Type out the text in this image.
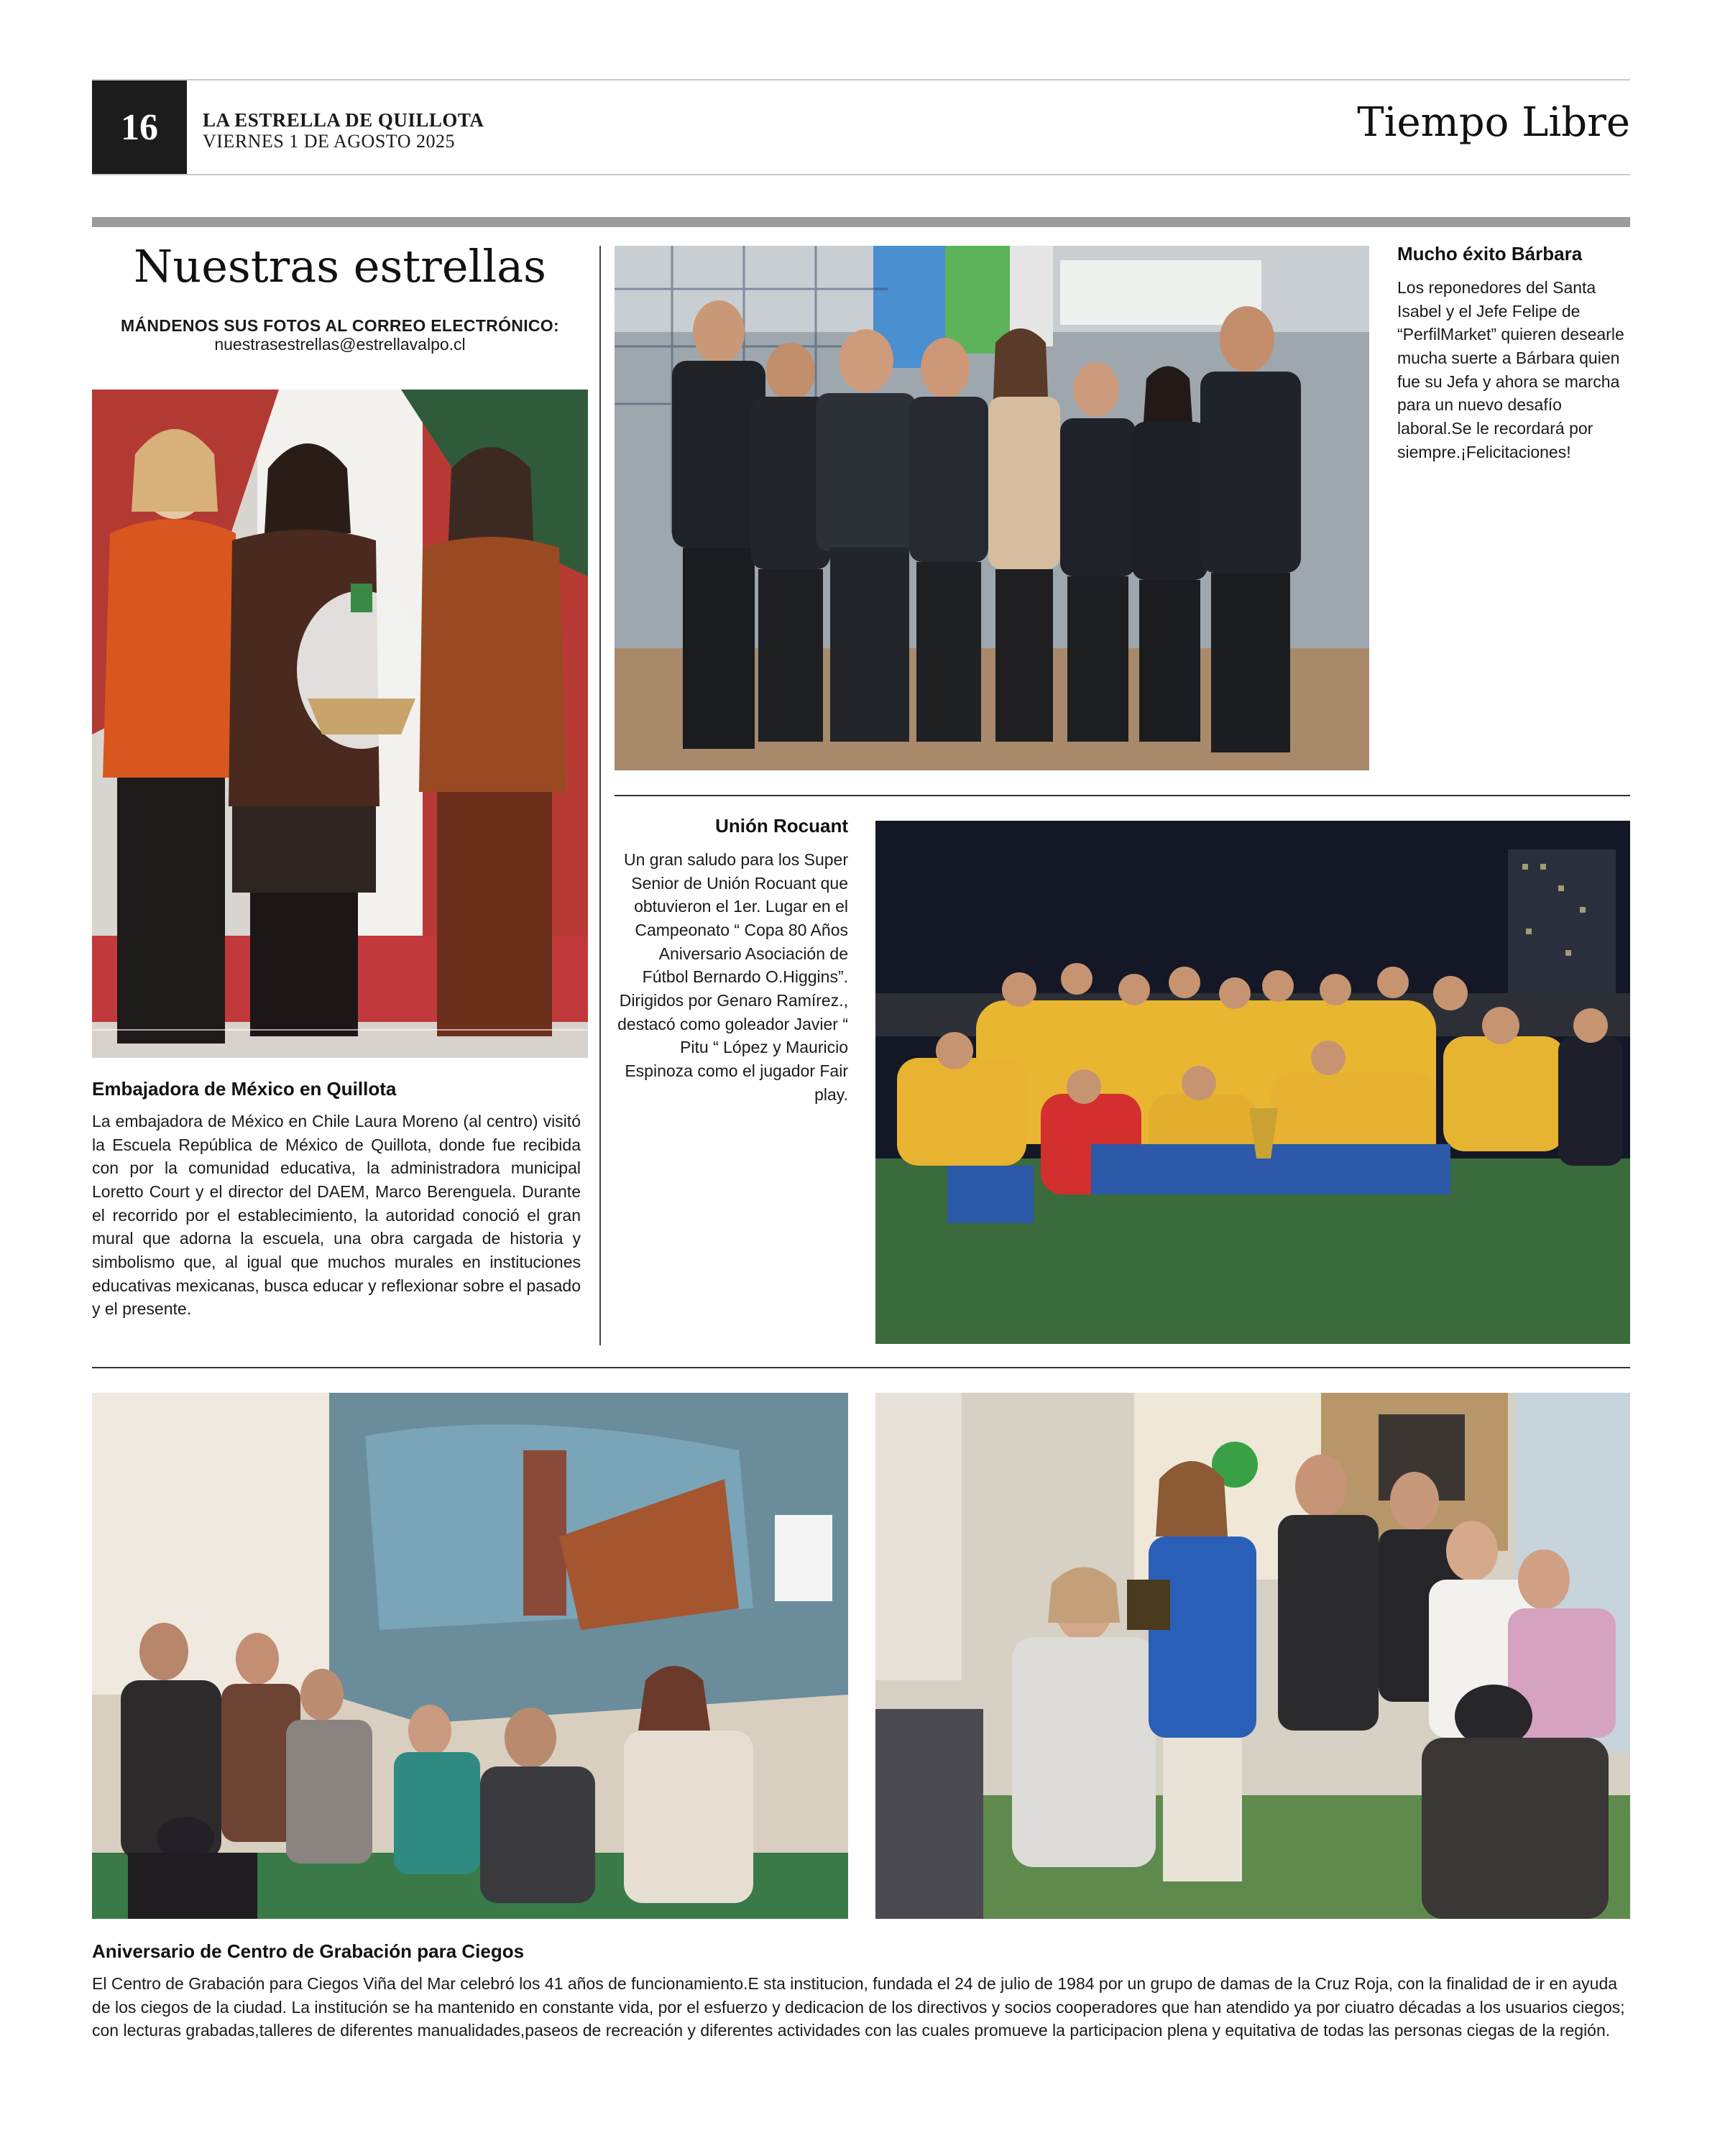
16	LA ESTRELLA DE QUILLOTA
VIERNES 1 DE AGOSTO 2025	Tiempo Libre
Nuestras estrellas
MÁNDENOS SUS FOTOS AL CORREO ELECTRÓNICO:
nuestrasestrellas@estrellavalpo.cl
Embajadora de México en Quillota
La embajadora de México en Chile Laura Moreno (al centro) visitó la Escuela República de México de Quillota, donde fue recibida con por la comunidad educativa, la administradora municipal Loretto Court y el director del DAEM, Marco Berenguela. Durante el recorrido por el establecimiento, la autoridad conoció el gran mural que adorna la escuela, una obra cargada de historia y simbolismo que, al igual que muchos murales en instituciones educativas mexicanas, busca educar y reflexionar sobre el pasado y el presente.
Mucho éxito Bárbara
Los reponedores del Santa Isabel y el Jefe Felipe de “PerfilMarket” quieren desearle mucha suerte a Bárbara quien fue su Jefa y ahora se marcha para un nuevo desafío laboral.Se le recordará por siempre.¡Felicitaciones!
Unión Rocuant
Un gran saludo para los Super Senior de Unión Rocuant que obtuvieron el 1er. Lugar en el Campeonato “ Copa 80 Años Aniversario Asociación de Fútbol Bernardo O.Higgins”. Dirigidos por Genaro Ramírez., destacó como goleador Javier “ Pitu “ López y Mauricio Espinoza como el jugador Fair play.
Aniversario de Centro de Grabación para Ciegos
El Centro de Grabación para Ciegos Viña del Mar celebró los 41 años de funcionamiento.E sta institucion, fundada el 24 de julio de 1984 por un grupo de damas de la Cruz Roja, con la finalidad de ir en ayuda de los ciegos de la ciudad. La institución se ha mantenido en constante vida, por el esfuerzo y dedicacion de los directivos y socios cooperadores que han atendido ya por ciuatro décadas a los usuarios ciegos; con lecturas grabadas,talleres de diferentes manualidades,paseos de recreación y diferentes actividades con las cuales promueve la participacion plena y equitativa de todas las personas ciegas de la región.
